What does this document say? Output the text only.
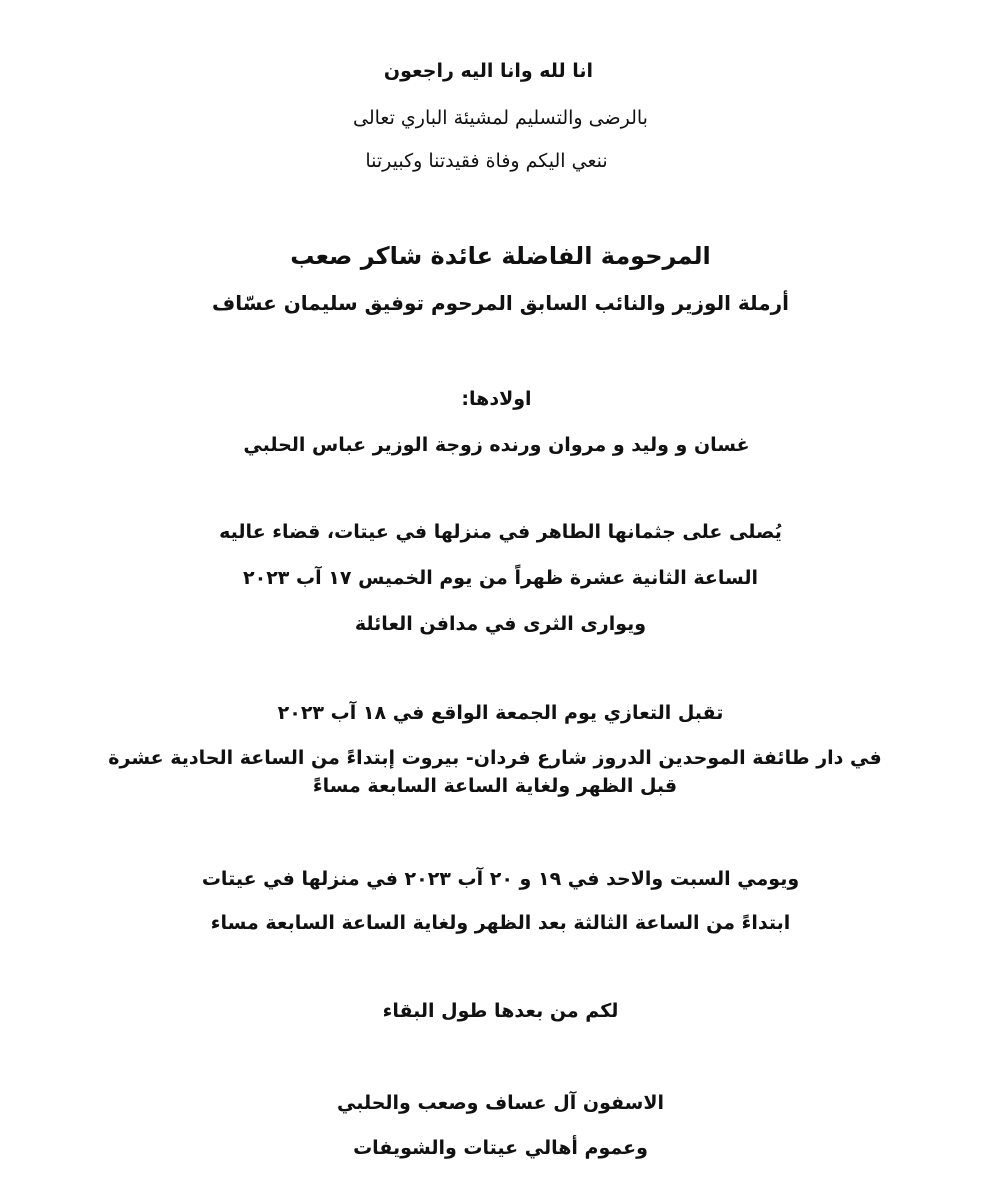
انا لله وانا اليه راجعون
بالرضى والتسليم لمشيئة الباري تعالى
ننعي اليكم وفاة فقيدتنا وكبيرتنا
المرحومة الفاضلة عائدة شاكر صعب
أرملة الوزير والنائب السابق المرحوم توفيق سليمان عسّاف
اولادها:
غسان و وليد و مروان ورنده زوجة الوزير عباس الحلبي
يُصلى على جثمانها الطاهر في منزلها في عيتات، قضاء عاليه
الساعة الثانية عشرة ظهراً من يوم الخميس ١٧ آب ٢٠٢٣
ويوارى الثرى في مدافن العائلة
تقبل التعازي يوم الجمعة الواقع في ١٨ آب ٢٠٢٣
في دار طائفة الموحدين الدروز شارع فردان- بيروت إبتداءً من الساعة الحادية عشرة قبل الظهر ولغاية الساعة السابعة مساءً
ويومي السبت والاحد في ١٩ و ٢٠ آب ٢٠٢٣ في منزلها في عيتات
ابتداءً من الساعة الثالثة بعد الظهر ولغاية الساعة السابعة مساء
لكم من بعدها طول البقاء
الاسفون آل عساف وصعب والحلبي
وعموم أهالي عيتات والشويفات
